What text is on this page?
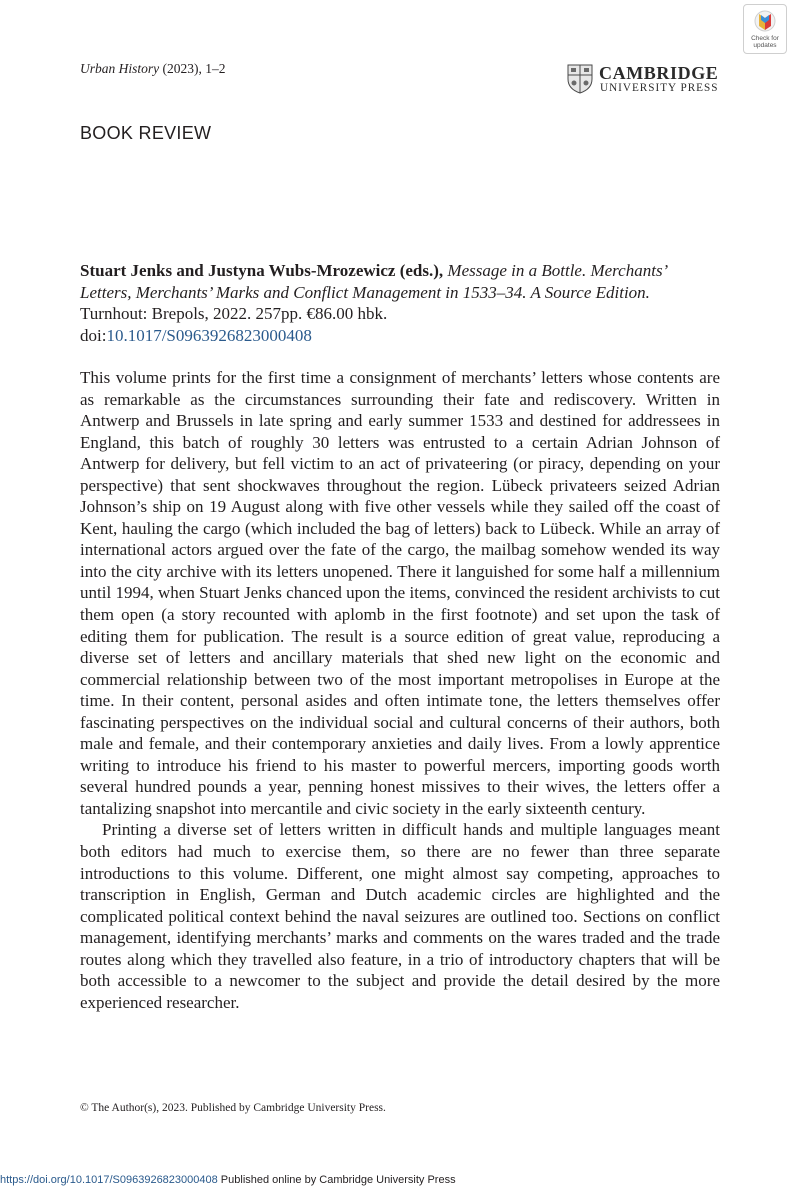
Urban History (2023), 1–2
Check for
updates
CAMBRIDGE
UNIVERSITY PRESS
BOOK REVIEW
Stuart Jenks and Justyna Wubs-Mrozewicz (eds.), Message in a Bottle. Merchants’ Letters, Merchants’ Marks and Conflict Management in 1533–34. A Source Edition.
Turnhout: Brepols, 2022. 257pp. €86.00 hbk.
doi:10.1017/S0963926823000408

This volume prints for the first time a consignment of merchants’ letters whose contents are as remarkable as the circumstances surrounding their fate and rediscovery. Written in Antwerp and Brussels in late spring and early summer 1533 and destined for addressees in England, this batch of roughly 30 letters was entrusted to a certain Adrian Johnson of Antwerp for delivery, but fell victim to an act of privateering (or piracy, depending on your perspective) that sent shockwaves throughout the region. Lübeck privateers seized Adrian Johnson’s ship on 19 August along with five other vessels while they sailed off the coast of Kent, hauling the cargo (which included the bag of letters) back to Lübeck. While an array of international actors argued over the fate of the cargo, the mailbag somehow wended its way into the city archive with its letters unopened. There it languished for some half a millennium until 1994, when Stuart Jenks chanced upon the items, convinced the resident archivists to cut them open (a story recounted with aplomb in the first footnote) and set upon the task of editing them for publication. The result is a source edition of great value, reproducing a diverse set of letters and ancillary materials that shed new light on the economic and commercial relationship between two of the most important metropolises in Europe at the time. In their content, personal asides and often intimate tone, the letters themselves offer fascinating perspectives on the individual social and cultural concerns of their authors, both male and female, and their contemporary anxieties and daily lives. From a lowly apprentice writing to introduce his friend to his master to powerful mercers, importing goods worth several hundred pounds a year, penning honest missives to their wives, the letters offer a tantalizing snapshot into mercantile and civic society in the early sixteenth century.

Printing a diverse set of letters written in difficult hands and multiple languages meant both editors had much to exercise them, so there are no fewer than three separate introductions to this volume. Different, one might almost say competing, approaches to transcription in English, German and Dutch academic circles are highlighted and the complicated political context behind the naval seizures are outlined too. Sections on conflict management, identifying merchants’ marks and comments on the wares traded and the trade routes along which they travelled also feature, in a trio of introductory chapters that will be both accessible to a newcomer to the subject and provide the detail desired by the more experienced researcher.

© The Author(s), 2023. Published by Cambridge University Press.
https://doi.org/10.1017/S0963926823000408 Published online by Cambridge University Press
